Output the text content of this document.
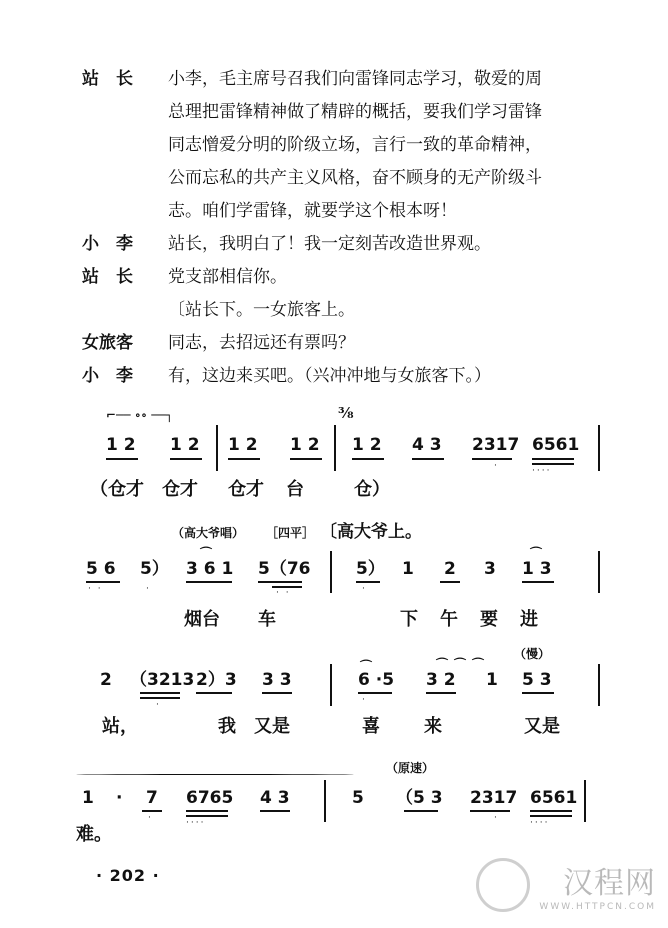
站　长	小李，毛主席号召我们向雷锋同志学习，敬爱的周
总理把雷锋精神做了精辟的概括，要我们学习雷锋
同志憎爱分明的阶级立场，言行一致的革命精神，
公而忘私的共产主义风格，奋不顾身的无产阶级斗
志。咱们学雷锋，就要学这个根本呀！
小　李	站长，我明白了！我一定刻苦改造世界观。
站　长	党支部相信你。
〔站长下。一女旅客上。
女旅客	同志，去招远还有票吗？
小　李	有，这边来买吧。（兴冲冲地与女旅客下。）
⌐── ∘∘ ──┐	⅜
1 2 1 2 1 2 1 2 1 2 4 3 2317
·
6561
····
（仓才 仓才 仓才 台	仓）
（高大爷唱） ［四平］ 〔高大爷上。
5 6
· ·
5）
·
3 6 1
⌒
5（76
· ·
5）
·
1 2 3 1 3
⌒
烟台 车	下 午 要 进
（慢）
2 （3213
·
2）3 3 3
⌒
6 ·5
·
⌒⌒⌒
3 2 1 5 3
站，	我 又是	喜 来	又是
（原速）
1 · 7
·
6765
····
4 3	5 （5 3 2317
·
6561
····
难。
· 202 ·	汉程网
WWW.HTTPCN.COM
